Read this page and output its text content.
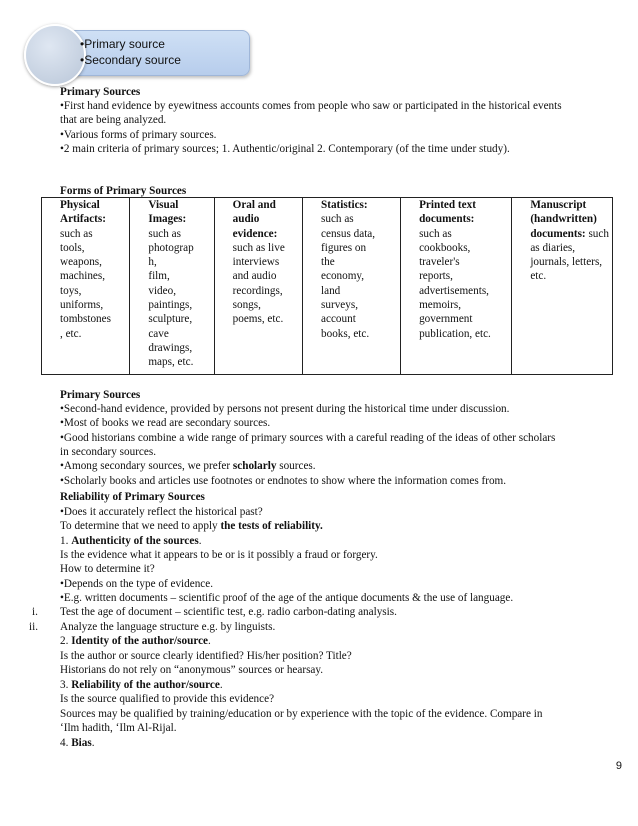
•Primary source
•Secondary source
Primary Sources
•First hand evidence by eyewitness accounts comes from people who saw or participated in the historical events
that are being analyzed.
•Various forms of primary sources.
•2 main criteria of primary sources; 1. Authentic/original 2. Contemporary (of the time under study).
Forms of Primary Sources
Physical
Artifacts:
such as
tools,
weapons,
machines,
toys,
uniforms,
tombstones
, etc.

Visual
Images:
such as
photograp
h,
film,
video,
paintings,
sculpture,
cave
drawings,
maps, etc.

Oral and
audio
evidence:
such as live
interviews
and audio
recordings,
songs,
poems, etc.

Statistics:
such as
census data,
figures on
the
economy,
land
surveys,
account
books, etc.

Printed text
documents:
such as
cookbooks,
traveler's
reports,
advertisements,
memoirs,
government
publication, etc.

Manuscript
(handwritten)
documents: such
as diaries,
journals, letters,
etc.
Primary Sources
•Second-hand evidence, provided by persons not present during the historical time under discussion.
•Most of books we read are secondary sources.
•Good historians combine a wide range of primary sources with a careful reading of the ideas of other scholars
in secondary sources.
•Among secondary sources, we prefer scholarly sources.
•Scholarly books and articles use footnotes or endnotes to show where the information comes from.
Reliability of Primary Sources
•Does it accurately reflect the historical past?
To determine that we need to apply the tests of reliability.
1. Authenticity of the sources.
Is the evidence what it appears to be or is it possibly a fraud or forgery.
How to determine it?
•Depends on the type of evidence.
•E.g. written documents – scientific proof of the age of the antique documents & the use of language.
i. Test the age of document – scientific test, e.g. radio carbon-dating analysis.
ii. Analyze the language structure e.g. by linguists.
2. Identity of the author/source.
Is the author or source clearly identified? His/her position? Title?
Historians do not rely on “anonymous” sources or hearsay.
3. Reliability of the author/source.
Is the source qualified to provide this evidence?
Sources may be qualified by training/education or by experience with the topic of the evidence. Compare in
‘Ilm hadith, ‘Ilm Al-Rijal.
4. Bias.
9
